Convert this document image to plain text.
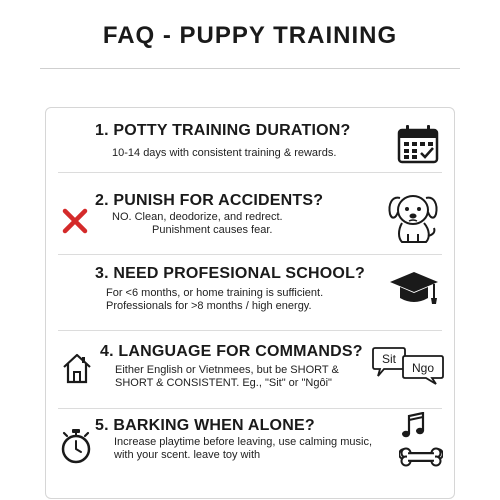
FAQ - PUPPY TRAINING
1. POTTY TRAINING DURATION?
10-14 days with consistent training & rewards.
2. PUNISH FOR ACCIDENTS?
NO. Clean, deodorize, and redrect.
Punishment causes fear.
3. NEED PROFESIONAL SCHOOL?
For <6 months, or home training is sufficient.
Professionals for >8 months / high energy.
4. LANGUAGE FOR COMMANDS?
Either English or Vietnmees, but be SHORT &
SHORT & CONSISTENT. Eg., "Sit" or "Ngôi"
Sit
Ngo
5. BARKING WHEN ALONE?
Increase playtime before leaving, use calming music,
with your scent. leave toy with
